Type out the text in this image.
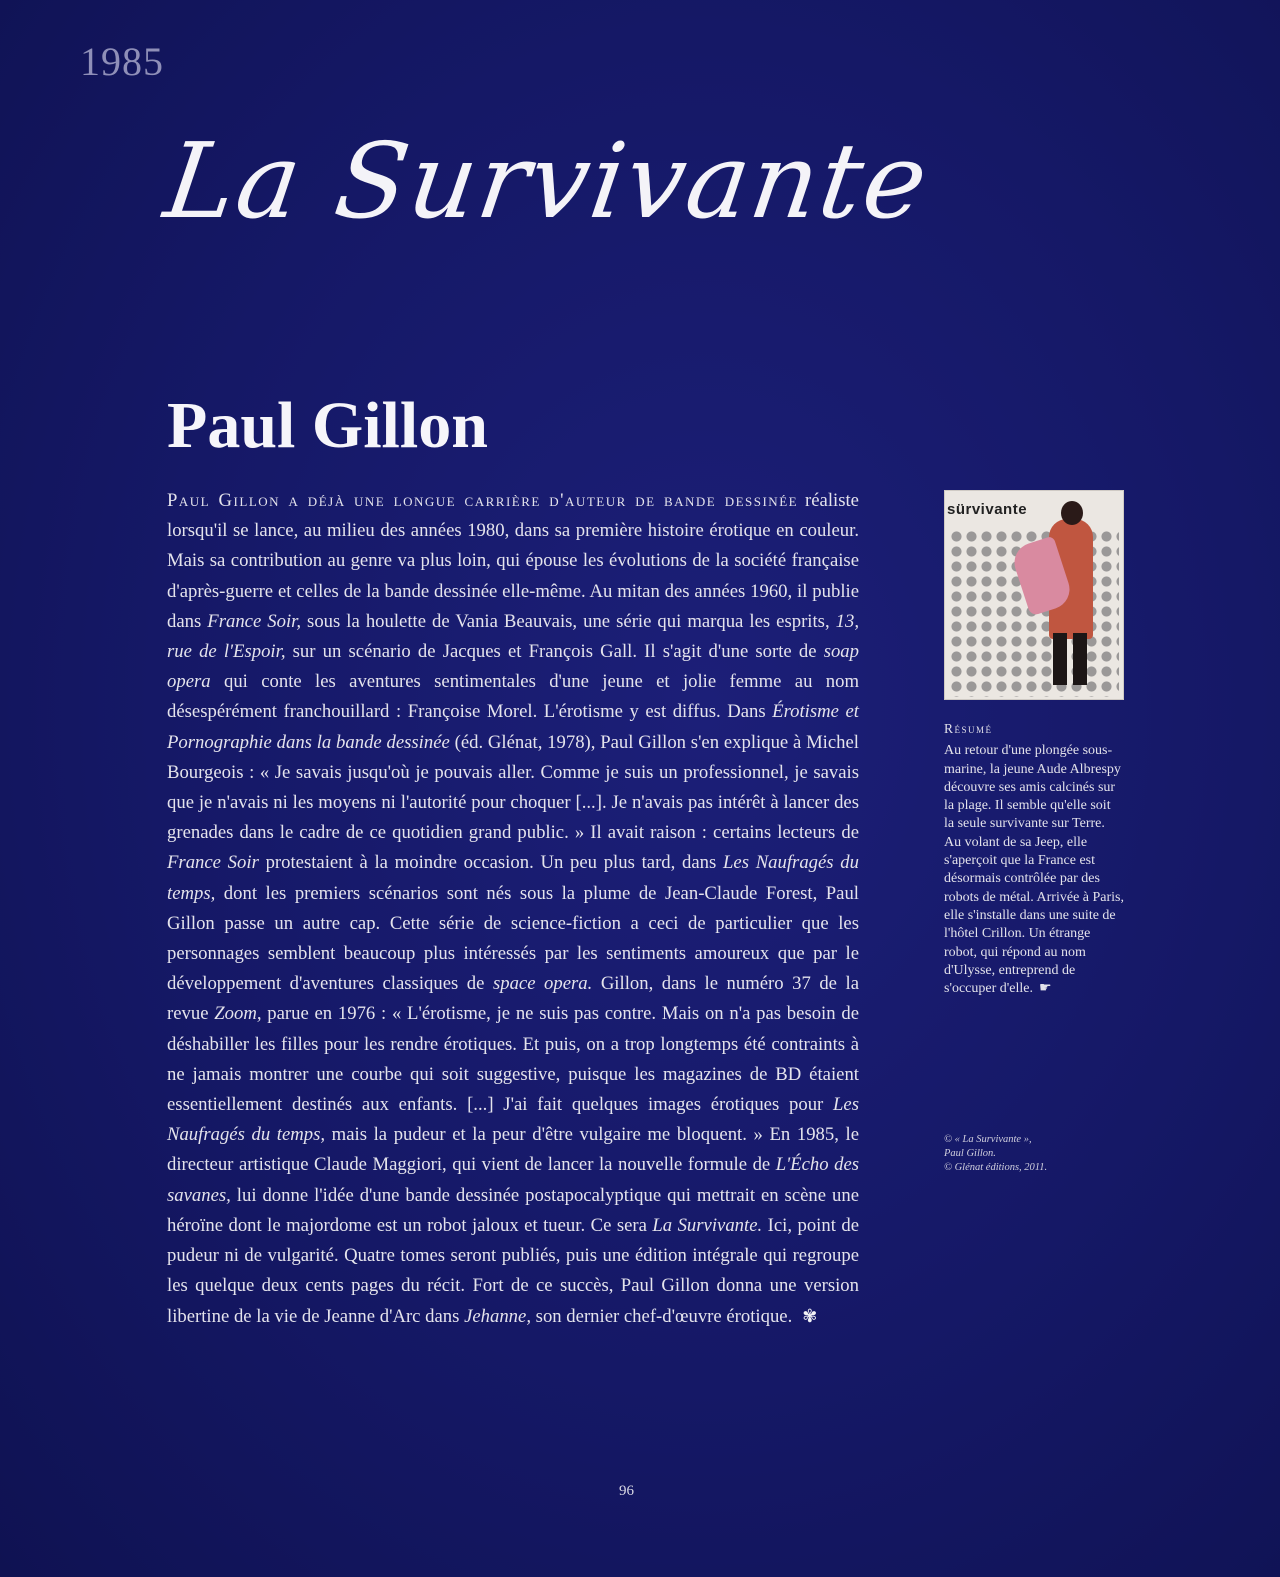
1985
La Survivante
Paul Gillon
Paul Gillon a déjà une longue carrière d'auteur de bande dessinée réaliste lorsqu'il se lance, au milieu des années 1980, dans sa première histoire érotique en couleur. Mais sa contribution au genre va plus loin, qui épouse les évolutions de la société française d'après-guerre et celles de la bande dessinée elle-même. Au mitan des années 1960, il publie dans France Soir, sous la houlette de Vania Beauvais, une série qui marqua les esprits, 13, rue de l'Espoir, sur un scénario de Jacques et François Gall. Il s'agit d'une sorte de soap opera qui conte les aventures sentimentales d'une jeune et jolie femme au nom désespérément franchouillard : Françoise Morel. L'érotisme y est diffus. Dans Érotisme et Pornographie dans la bande dessinée (éd. Glénat, 1978), Paul Gillon s'en explique à Michel Bourgeois : « Je savais jusqu'où je pouvais aller. Comme je suis un professionnel, je savais que je n'avais ni les moyens ni l'autorité pour choquer [...]. Je n'avais pas intérêt à lancer des grenades dans le cadre de ce quotidien grand public. » Il avait raison : certains lecteurs de France Soir protestaient à la moindre occasion. Un peu plus tard, dans Les Naufragés du temps, dont les premiers scénarios sont nés sous la plume de Jean-Claude Forest, Paul Gillon passe un autre cap. Cette série de science-fiction a ceci de particulier que les personnages semblent beaucoup plus intéressés par les sentiments amoureux que par le développement d'aventures classiques de space opera. Gillon, dans le numéro 37 de la revue Zoom, parue en 1976 : « L'érotisme, je ne suis pas contre. Mais on n'a pas besoin de déshabiller les filles pour les rendre érotiques. Et puis, on a trop longtemps été contraints à ne jamais montrer une courbe qui soit suggestive, puisque les magazines de BD étaient essentiellement destinés aux enfants. [...] J'ai fait quelques images érotiques pour Les Naufragés du temps, mais la pudeur et la peur d'être vulgaire me bloquent. » En 1985, le directeur artistique Claude Maggiori, qui vient de lancer la nouvelle formule de L'Écho des savanes, lui donne l'idée d'une bande dessinée postapocalyptique qui mettrait en scène une héroïne dont le majordome est un robot jaloux et tueur. Ce sera La Survivante. Ici, point de pudeur ni de vulgarité. Quatre tomes seront publiés, puis une édition intégrale qui regroupe les quelque deux cents pages du récit. Fort de ce succès, Paul Gillon donna une version libertine de la vie de Jeanne d'Arc dans Jehanne, son dernier chef-d'œuvre érotique. ✾
sürvivante
Résumé
Au retour d'une plongée sous-marine, la jeune Aude Albrespy découvre ses amis calcinés sur la plage. Il semble qu'elle soit la seule survivante sur Terre. Au volant de sa Jeep, elle s'aperçoit que la France est désormais contrôlée par des robots de métal. Arrivée à Paris, elle s'installe dans une suite de l'hôtel Crillon. Un étrange robot, qui répond au nom d'Ulysse, entreprend de s'occuper d'elle. ☛
© « La Survivante »,
Paul Gillon.
© Glénat éditions, 2011.
96
